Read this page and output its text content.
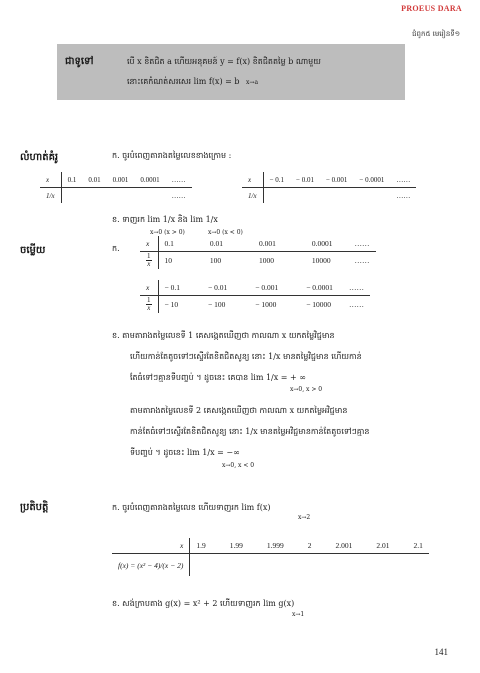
PROEUS DARA
ជំពូក៥ មេរៀនទី១
ជាទូទៅ	បើ x ខិតជិត a ហើយអនុគមន៍ y = f(x) ខិតជិតតម្លៃ b ណាមួយ
នោះគេកំណត់សរសេរ lim f(x) = b x→a
លំហាត់គំរូ	ក. ចូរបំពេញតារាងតម្លៃលេខខាងក្រោម :
x	0.1	0.01	0.001	0.0001	……
1/x					……
x	− 0.1	− 0.01	− 0.001	− 0.0001	……
1/x					……
ខ. ទាញរក lim 1/x និង lim 1/x
x→0 (x > 0)	x→0 (x < 0)
ចម្លើយ	ក.
x	0.1	0.01	0.001	0.0001	……

$\frac{1}{x}$	10	100	1000	10000	……
x	− 0.1	− 0.01	− 0.001	− 0.0001	……

$\frac{1}{x}$	− 10	− 100	− 1000	− 10000	……
ខ. តាមតារាងតម្លៃលេខទី 1 គេសង្កេតឃើញថា កាលណា x យកតម្លៃវិជ្ជមាន
ហើយកាន់តែតូចទៅៗស្ទើរតែខិតជិតសូន្យ នោះ 1/x មានតម្លៃវិជ្ជមាន ហើយកាន់
តែធំទៅៗគ្មានទីបញ្ចប់ ។ ដូចនេះ គេបាន lim 1/x = + ∞
x→0, x > 0
តាមតារាងតម្លៃលេខទី 2 គេសង្កេតឃើញថា កាលណា x យកតម្លៃអវិជ្ជមាន
កាន់តែធំទៅៗស្ទើរតែខិតជិតសូន្យ នោះ 1/x មានតម្លៃអវិជ្ជមានកាន់តែតូចទៅៗគ្មាន
ទីបញ្ចប់ ។ ដូចនេះ lim 1/x = −∞
x→0, x < 0
ប្រតិបត្តិ	ក. ចូរបំពេញតារាងតម្លៃលេខ ហើយទាញរក lim f(x)
x→2
x	1.9	1.99	1.999	2	2.001	2.01	2.1
f(x) = (x² − 4)/(x − 2)							
ខ. សង់ក្រាបតាង g(x) = x² + 2 ហើយទាញរក lim g(x)
x→1
141
